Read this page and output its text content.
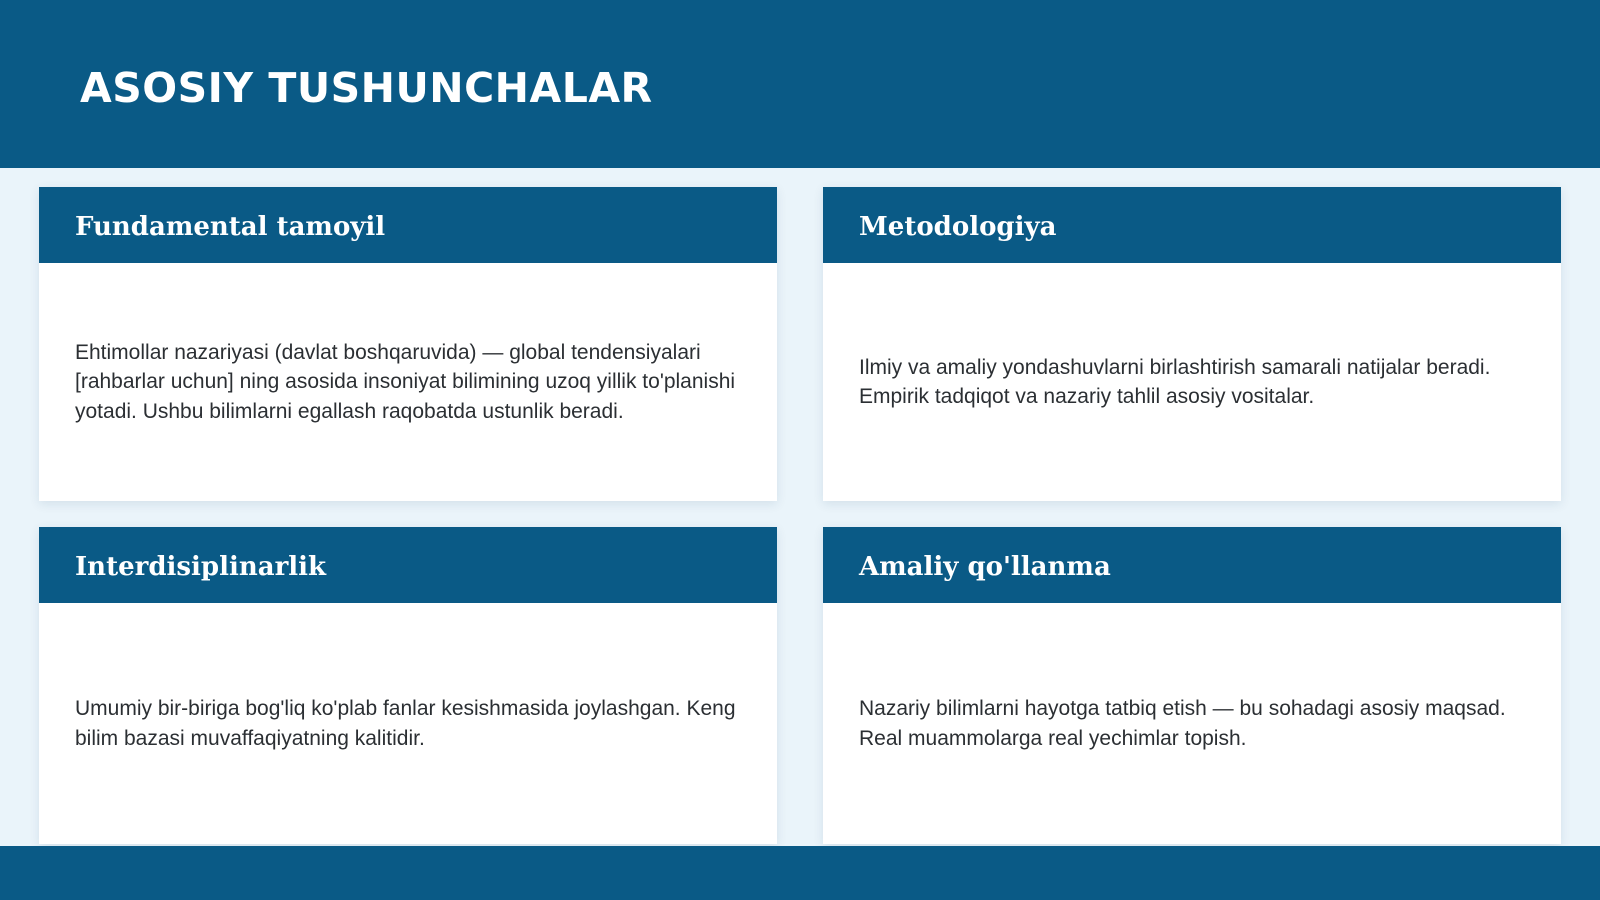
ASOSIY TUSHUNCHALAR
Fundamental tamoyil

Ehtimollar nazariyasi (davlat boshqaruvida) — global tendensiyalari [rahbarlar uchun] ning asosida insoniyat bilimining uzoq yillik to'planishi yotadi. Ushbu bilimlarni egallash raqobatda ustunlik beradi.

Metodologiya

Ilmiy va amaliy yondashuvlarni birlashtirish samarali natijalar beradi. Empirik tadqiqot va nazariy tahlil asosiy vositalar.

Interdisiplinarlik

Umumiy bir-biriga bog'liq ko'plab fanlar kesishmasida joylashgan. Keng bilim bazasi muvaffaqiyatning kalitidir.

Amaliy qo'llanma

Nazariy bilimlarni hayotga tatbiq etish — bu sohadagi asosiy maqsad. Real muammolarga real yechimlar topish.
